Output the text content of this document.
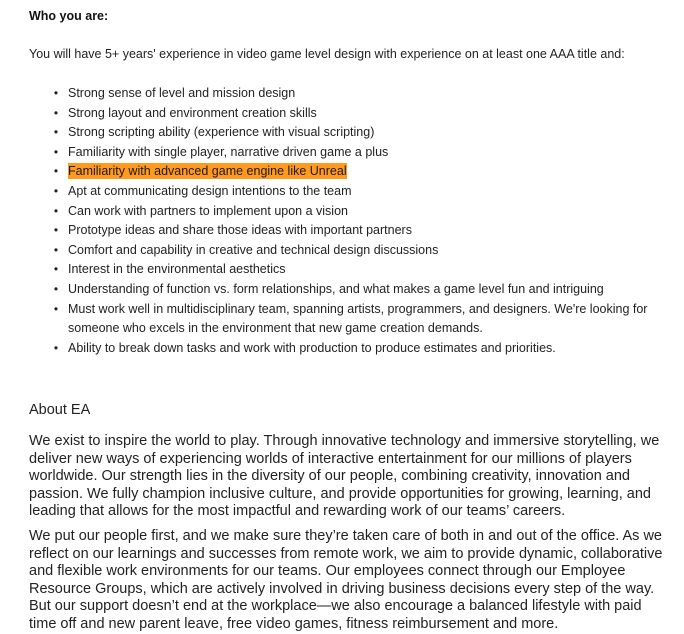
Who you are:

You will have 5+ years' experience in video game level design with experience on at least one AAA title and:

• Strong sense of level and mission design
• Strong layout and environment creation skills
• Strong scripting ability (experience with visual scripting)
• Familiarity with single player, narrative driven game a plus
• Familiarity with advanced game engine like Unreal
• Apt at communicating design intentions to the team
• Can work with partners to implement upon a vision
• Prototype ideas and share those ideas with important partners
• Comfort and capability in creative and technical design discussions
• Interest in the environmental aesthetics
• Understanding of function vs. form relationships, and what makes a game level fun and intriguing
• Must work well in multidisciplinary team, spanning artists, programmers, and designers. We're looking for someone who excels in the environment that new game creation demands.
• Ability to break down tasks and work with production to produce estimates and priorities.
About EA

We exist to inspire the world to play. Through innovative technology and immersive storytelling, we deliver new ways of experiencing worlds of interactive entertainment for our millions of players worldwide. Our strength lies in the diversity of our people, combining creativity, innovation and passion. We fully champion inclusive culture, and provide opportunities for growing, learning, and leading that allows for the most impactful and rewarding work of our teams’ careers.

We put our people first, and we make sure they’re taken care of both in and out of the office. As we reflect on our learnings and successes from remote work, we aim to provide dynamic, collaborative and flexible work environments for our teams. Our employees connect through our Employee Resource Groups, which are actively involved in driving business decisions every step of the way. But our support doesn’t end at the workplace—we also encourage a balanced lifestyle with paid time off and new parent leave, free video games, fitness reimbursement and more.
